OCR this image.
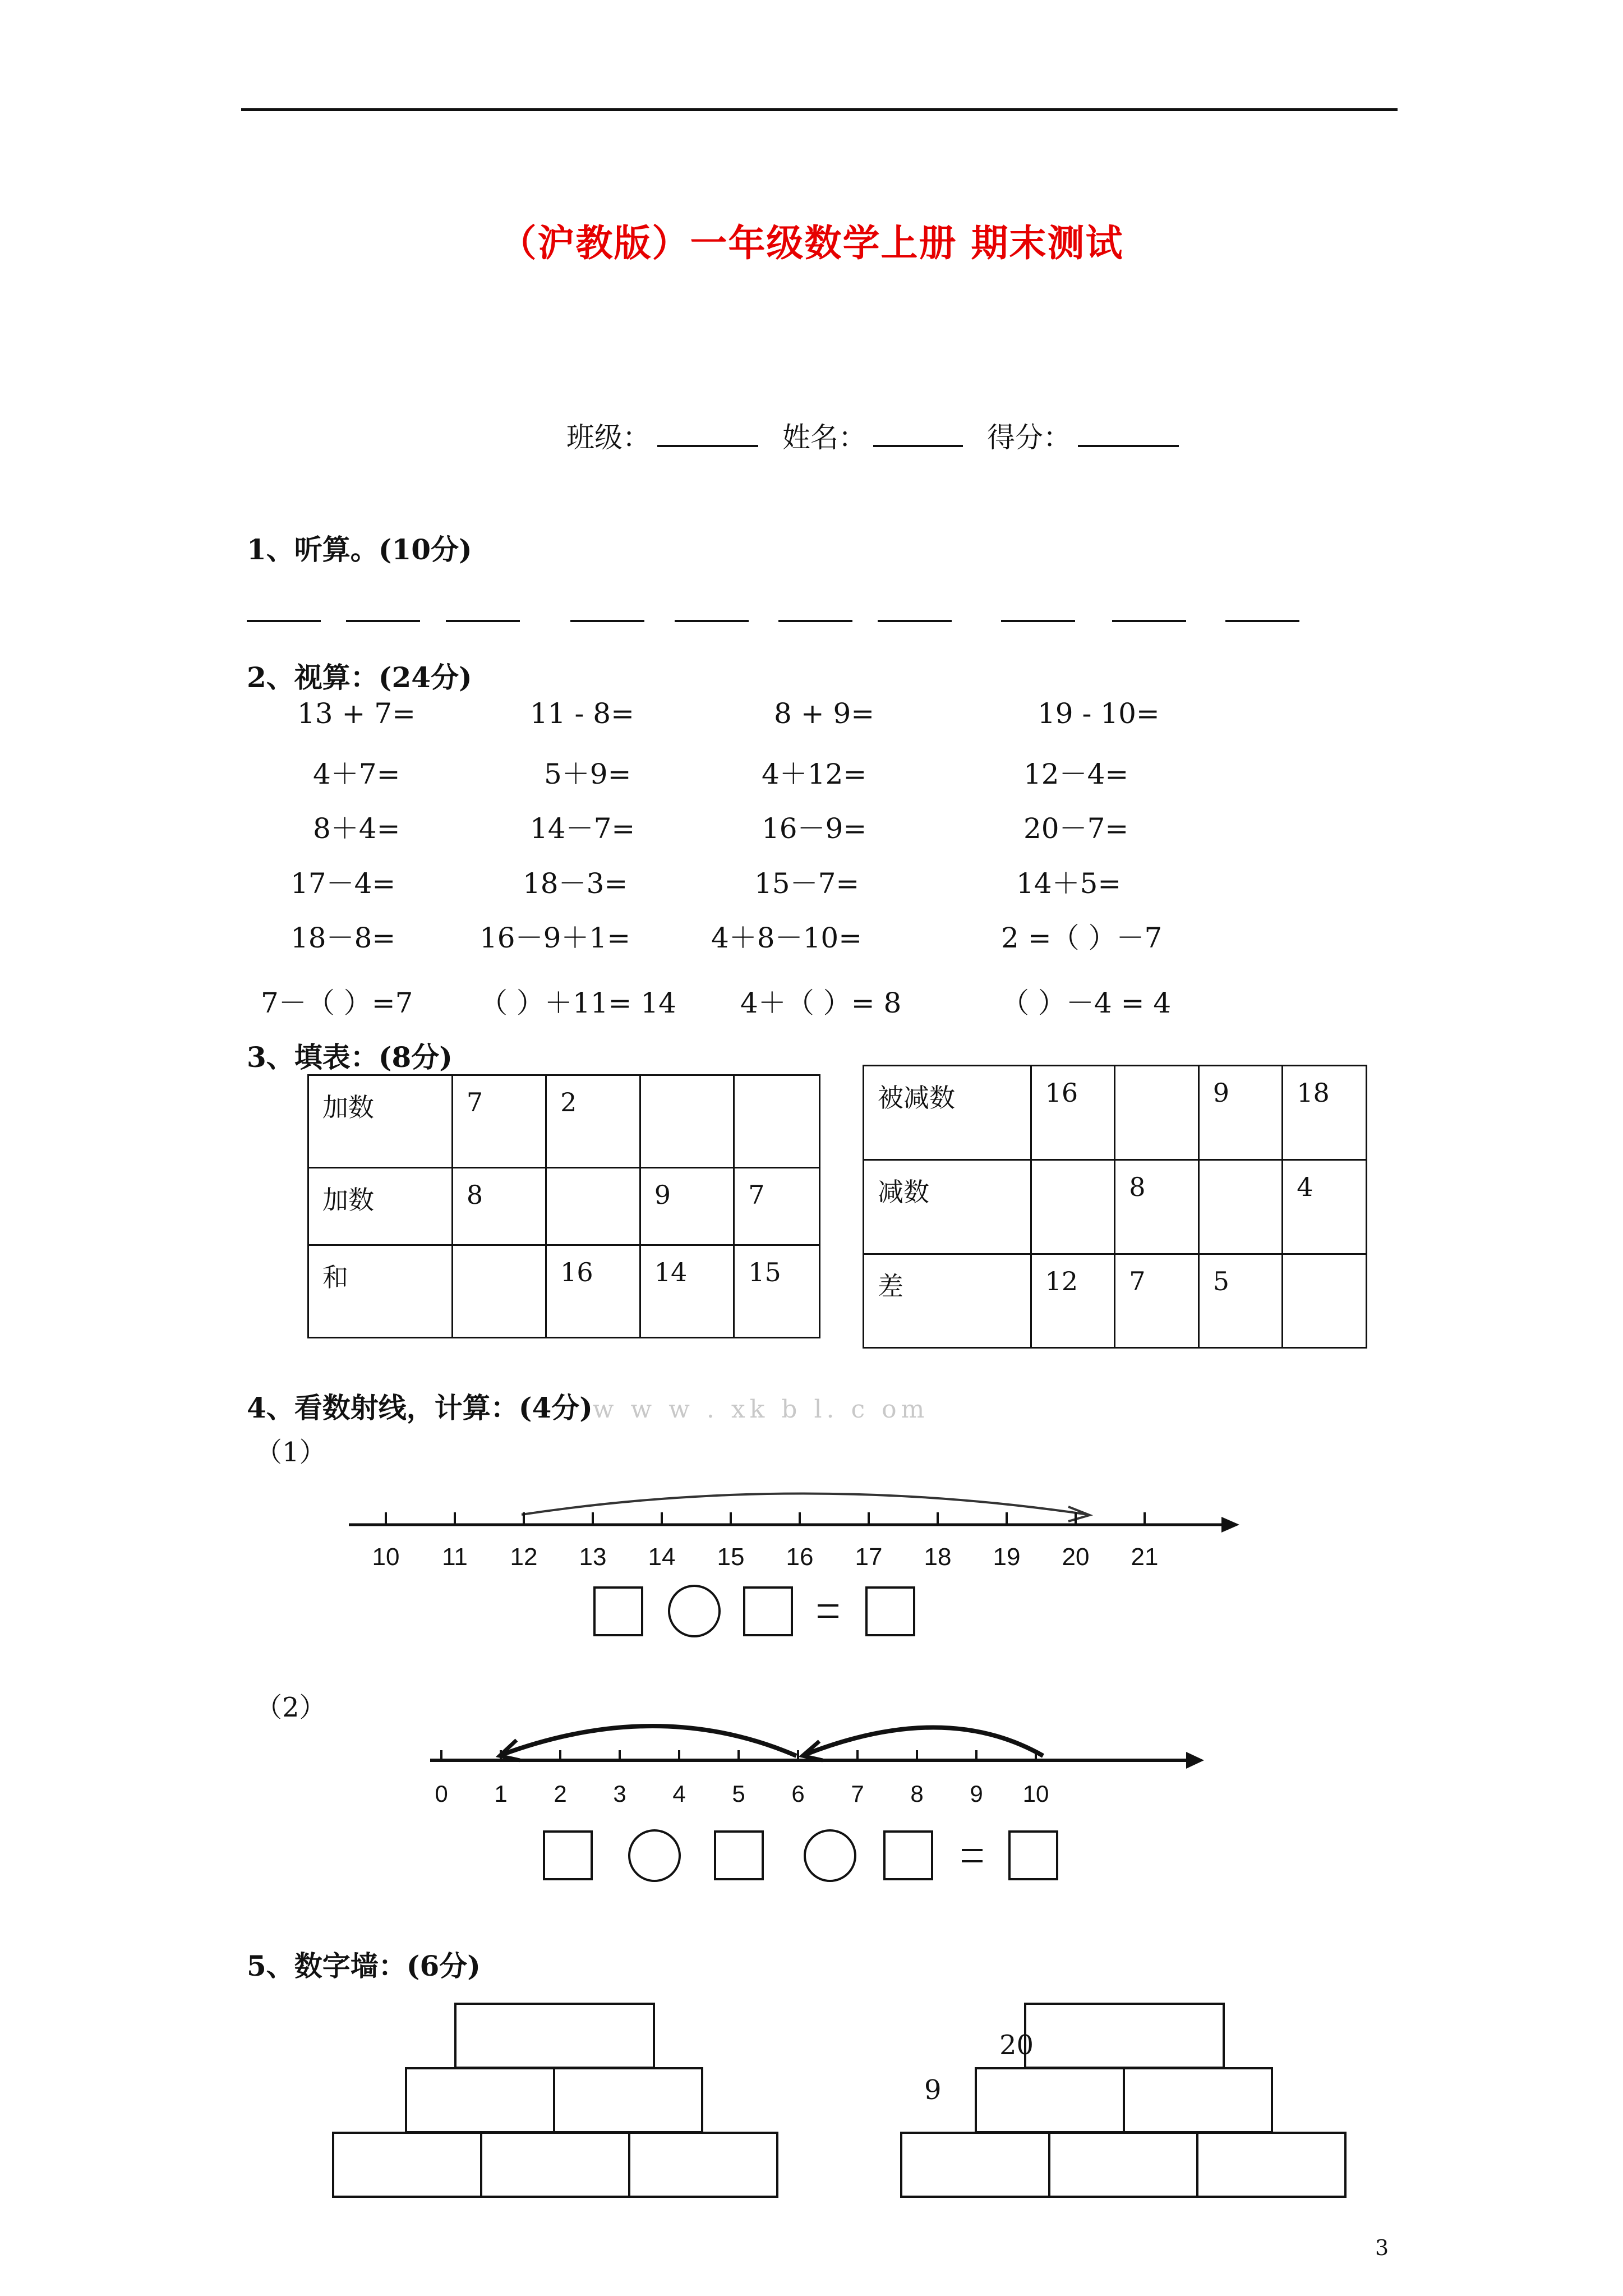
（沪教版）一年级数学上册 期末测试
班级：	姓名：	得分：
1、听算。(10分)
2、视算：(24分)
13 + 7=	11 - 8=	8 + 9=	19 - 10=
4＋7=	5＋9=	4＋12=	12－4=
8＋4=	14－7=	16－9=	20－7=
17－4=	18－3=	15－7=	14＋5=
18－8=	16－9＋1=	4＋8－10=	2 =（ ）－7
7－（ ）=7 （ ）＋11= 14 4＋（ ）= 8	（ ）－4 = 4
3、填表：(8分)
加数	7	2		
加数	8		9	7
和		16	14	15
被减数	16		9	18
减数		8		4
差	12	7	5	
4、看数射线，计算：(4分)w w w . xk b l. c om
（1）
10 11 12 13 14 15 16 17 18 19 20 21
（2）
0 1 2 3 4 5 6 7 8 9 10
5、数字墙：(6分)
20
9
3
